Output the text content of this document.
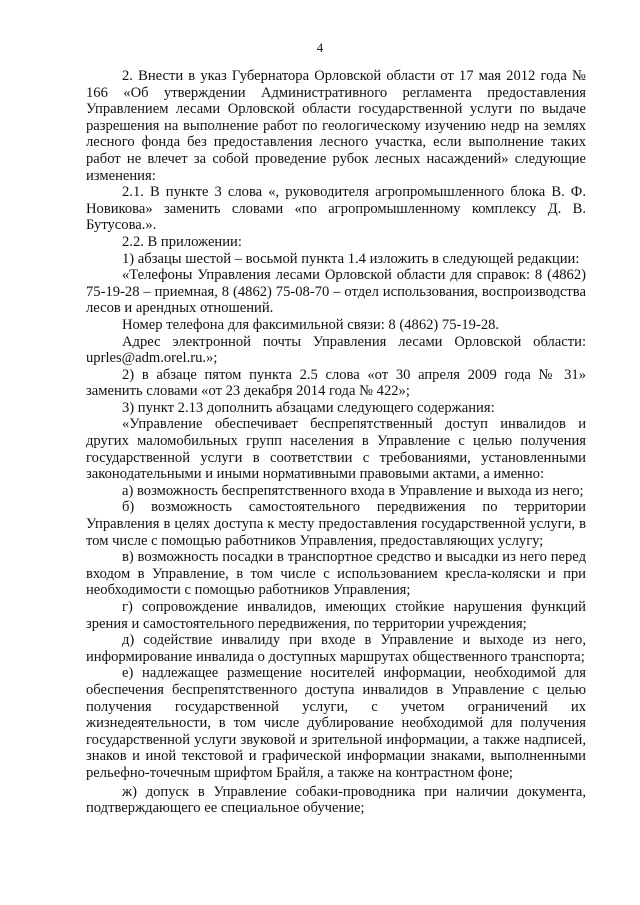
4

2. Внести в указ Губернатора Орловской области от 17 мая 2012 года № 166 «Об утверждении Административного регламента предоставления Управлением лесами Орловской области государственной услуги по выдаче разрешения на выполнение работ по геологическому изучению недр на землях лесного фонда без предоставления лесного участка, если выполнение таких работ не влечет за собой проведение рубок лесных насаждений» следующие изменения:

2.1. В пункте 3 слова «, руководителя агропромышленного блока В. Ф. Новикова» заменить словами «по агропромышленному комплексу Д. В. Бутусова.».

2.2. В приложении:

1) абзацы шестой – восьмой пункта 1.4 изложить в следующей редакции:

«Телефоны Управления лесами Орловской области для справок: 8 (4862) 75-19-28 – приемная, 8 (4862) 75-08-70 – отдел использования, воспроизводства лесов и арендных отношений.

Номер телефона для факсимильной связи: 8 (4862) 75-19-28.

Адрес электронной почты Управления лесами Орловской области: uprles@adm.orel.ru.»;

2) в абзаце пятом пункта 2.5 слова «от 30 апреля 2009 года № 31» заменить словами «от 23 декабря 2014 года № 422»;

3) пункт 2.13 дополнить абзацами следующего содержания:

«Управление обеспечивает беспрепятственный доступ инвалидов и других маломобильных групп населения в Управление с целью получения государственной услуги в соответствии с требованиями, установленными законодательными и иными нормативными правовыми актами, а именно:

а) возможность беспрепятственного входа в Управление и выхода из него;

б) возможность самостоятельного передвижения по территории Управления в целях доступа к месту предоставления государственной услуги, в том числе с помощью работников Управления, предоставляющих услугу;

в) возможность посадки в транспортное средство и высадки из него перед входом в Управление, в том числе с использованием кресла-коляски и при необходимости с помощью работников Управления;

г) сопровождение инвалидов, имеющих стойкие нарушения функций зрения и самостоятельного передвижения, по территории учреждения;

д) содействие инвалиду при входе в Управление и выходе из него, информирование инвалида о доступных маршрутах общественного транспорта;

е) надлежащее размещение носителей информации, необходимой для обеспечения беспрепятственного доступа инвалидов в Управление с целью получения государственной услуги, с учетом ограничений их жизнедеятельности, в том числе дублирование необходимой для получения государственной услуги звуковой и зрительной информации, а также надписей, знаков и иной текстовой и графической информации знаками, выполненными рельефно-точечным шрифтом Брайля, а также на контрастном фоне;

ж) допуск в Управление собаки-проводника при наличии документа, подтверждающего ее специальное обучение;
